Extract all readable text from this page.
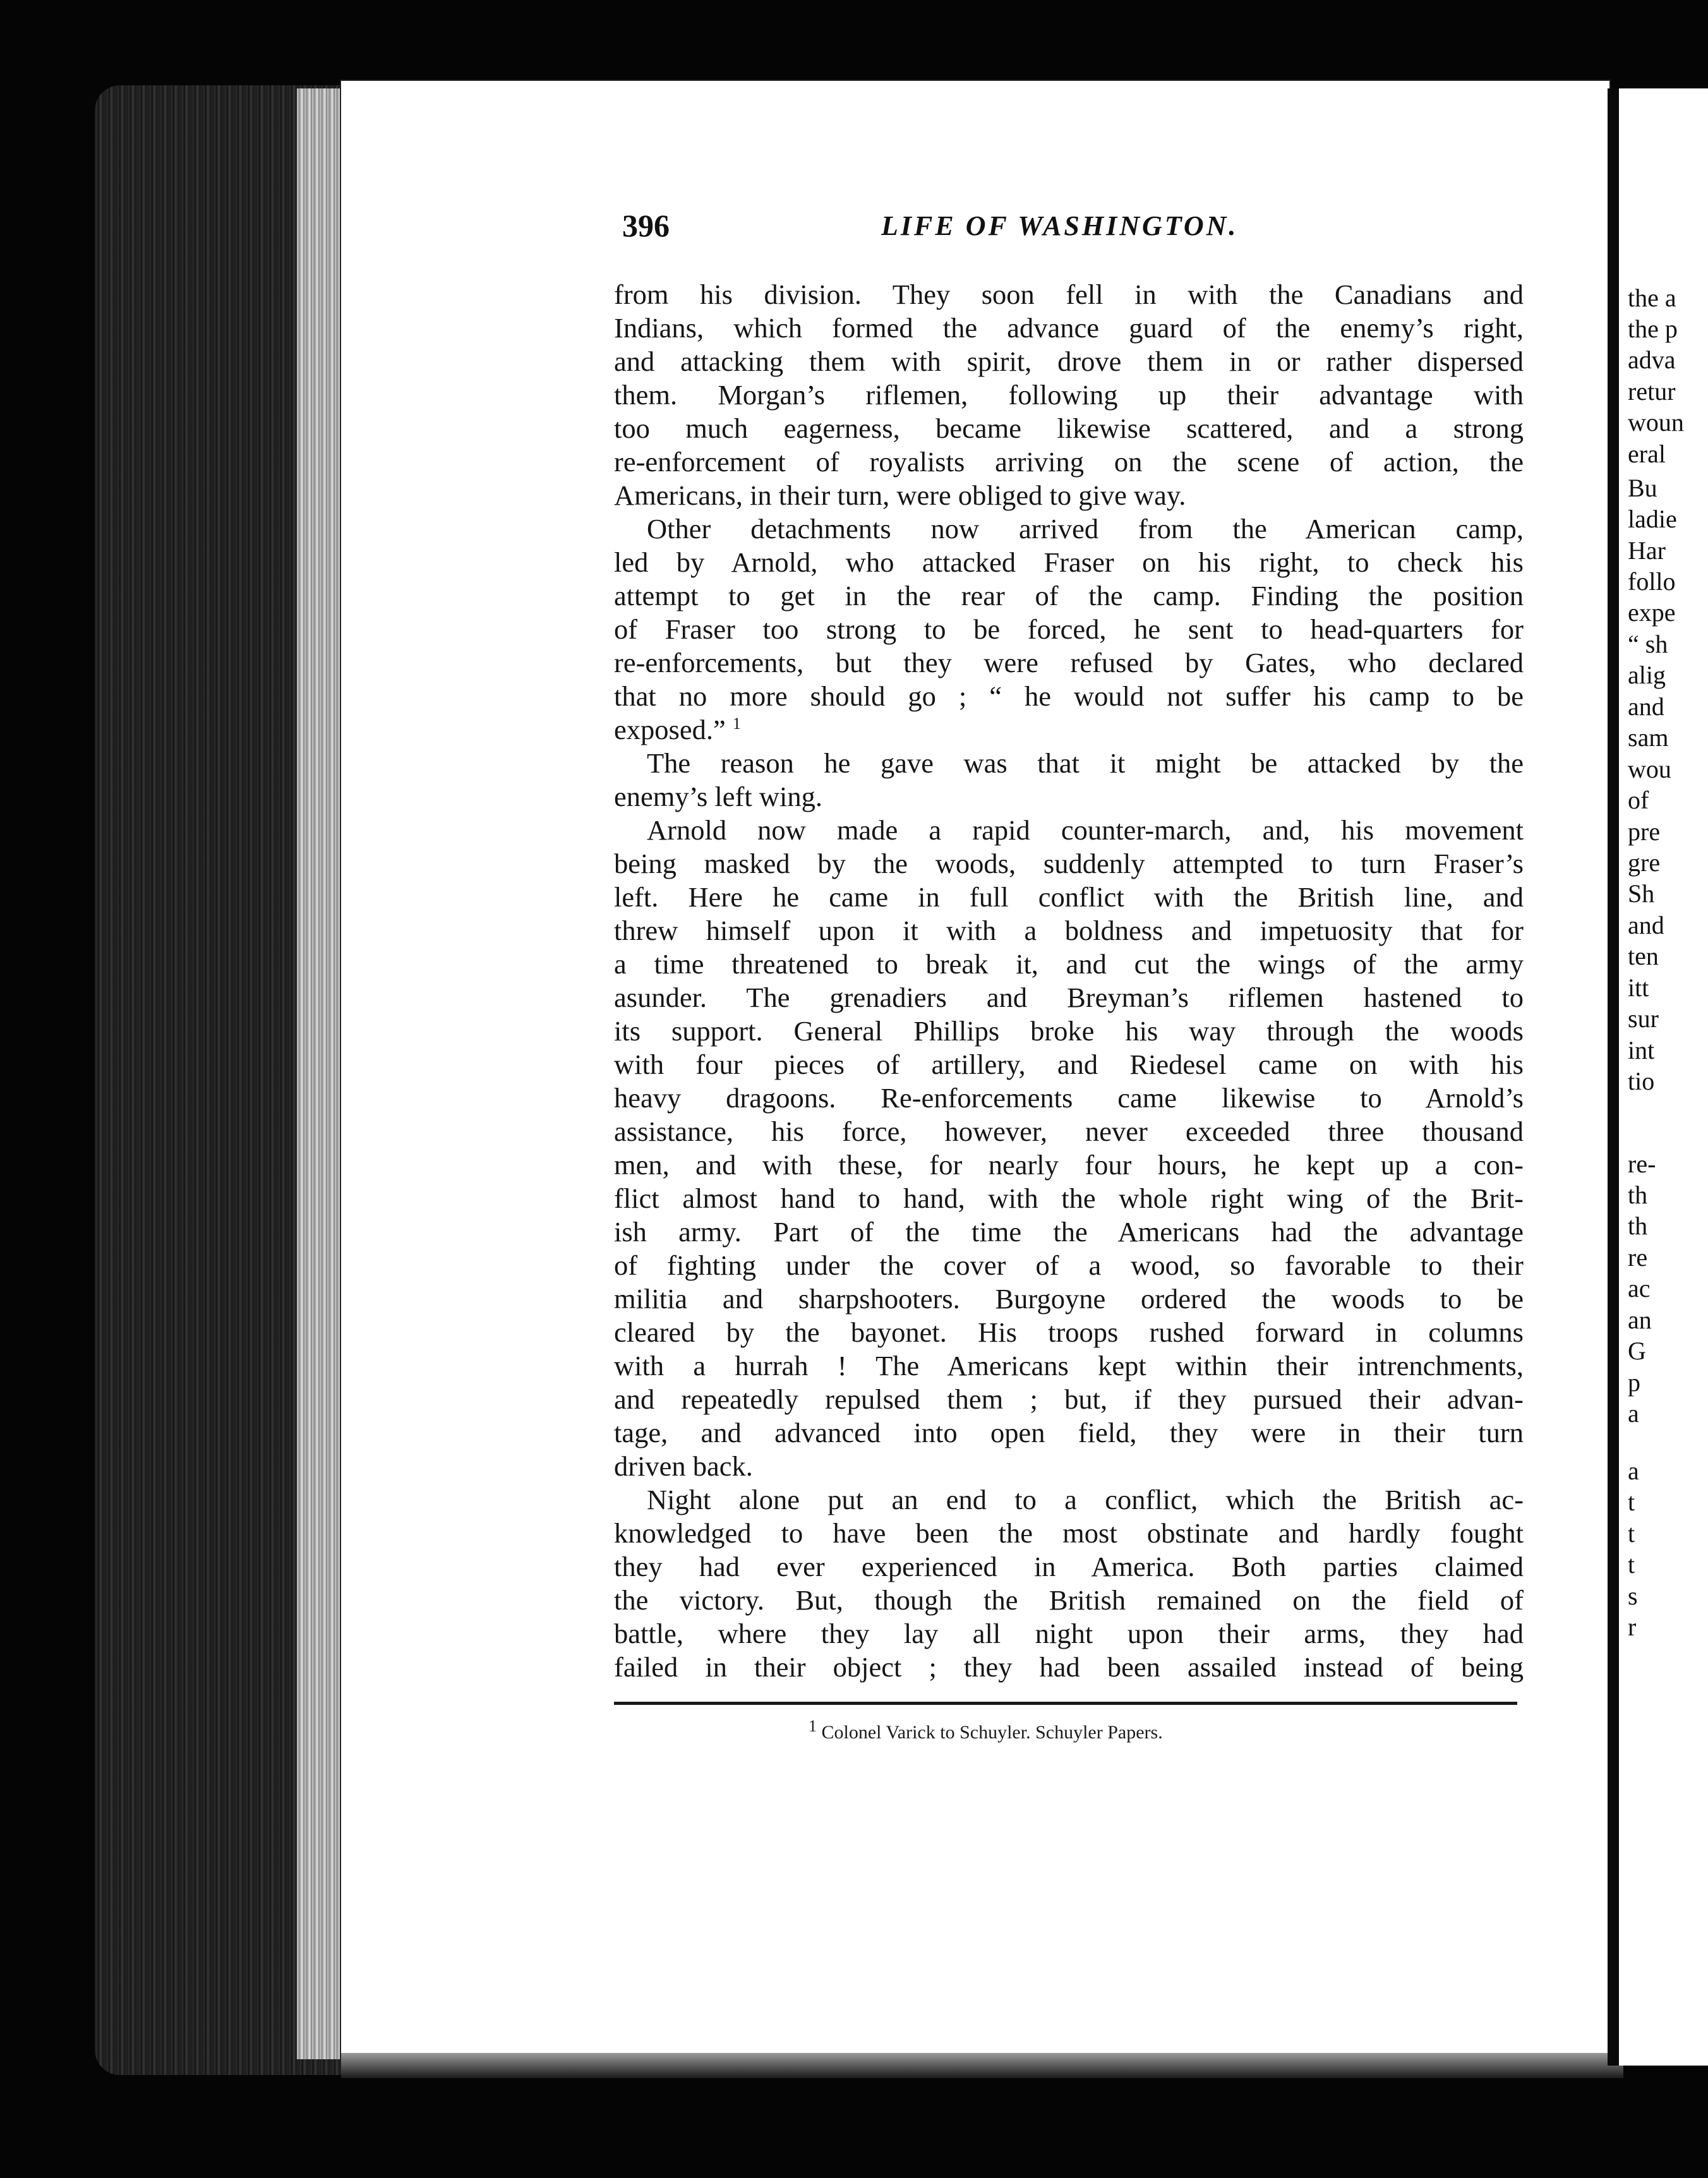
the a
the p
adva
retur
woun
eral
Bu
ladie
Har
follo
expe
“ sh
alig
and
sam
wou
of
pre
gre
Sh
and
ten
itt
sur
int
tio
re-
th
th
re
ac
an
G
p
a
a
t
t
t
s
r
396	LIFE OF WASHINGTON.
from his division. They soon fell in with the Canadians and
Indians, which formed the advance guard of the enemy’s right,
and attacking them with spirit, drove them in or rather dispersed
them. Morgan’s riflemen, following up their advantage with
too much eagerness, became likewise scattered, and a strong
re-enforcement of royalists arriving on the scene of action, the
Americans, in their turn, were obliged to give way.
Other detachments now arrived from the American camp,
led by Arnold, who attacked Fraser on his right, to check his
attempt to get in the rear of the camp. Finding the position
of Fraser too strong to be forced, he sent to head-quarters for
re-enforcements, but they were refused by Gates, who declared
that no more should go ; “ he would not suffer his camp to be
exposed.” $^1$
The reason he gave was that it might be attacked by the
enemy’s left wing.
Arnold now made a rapid counter-march, and, his movement
being masked by the woods, suddenly attempted to turn Fraser’s
left. Here he came in full conflict with the British line, and
threw himself upon it with a boldness and impetuosity that for
a time threatened to break it, and cut the wings of the army
asunder. The grenadiers and Breyman’s riflemen hastened to
its support. General Phillips broke his way through the woods
with four pieces of artillery, and Riedesel came on with his
heavy dragoons. Re-enforcements came likewise to Arnold’s
assistance, his force, however, never exceeded three thousand
men, and with these, for nearly four hours, he kept up a con-
flict almost hand to hand, with the whole right wing of the Brit-
ish army. Part of the time the Americans had the advantage
of fighting under the cover of a wood, so favorable to their
militia and sharpshooters. Burgoyne ordered the woods to be
cleared by the bayonet. His troops rushed forward in columns
with a hurrah ! The Americans kept within their intrenchments,
and repeatedly repulsed them ; but, if they pursued their advan-
tage, and advanced into open field, they were in their turn
driven back.
Night alone put an end to a conflict, which the British ac-
knowledged to have been the most obstinate and hardly fought
they had ever experienced in America. Both parties claimed
the victory. But, though the British remained on the field of
battle, where they lay all night upon their arms, they had
failed in their object ; they had been assailed instead of being
1 Colonel Varick to Schuyler. Schuyler Papers.
